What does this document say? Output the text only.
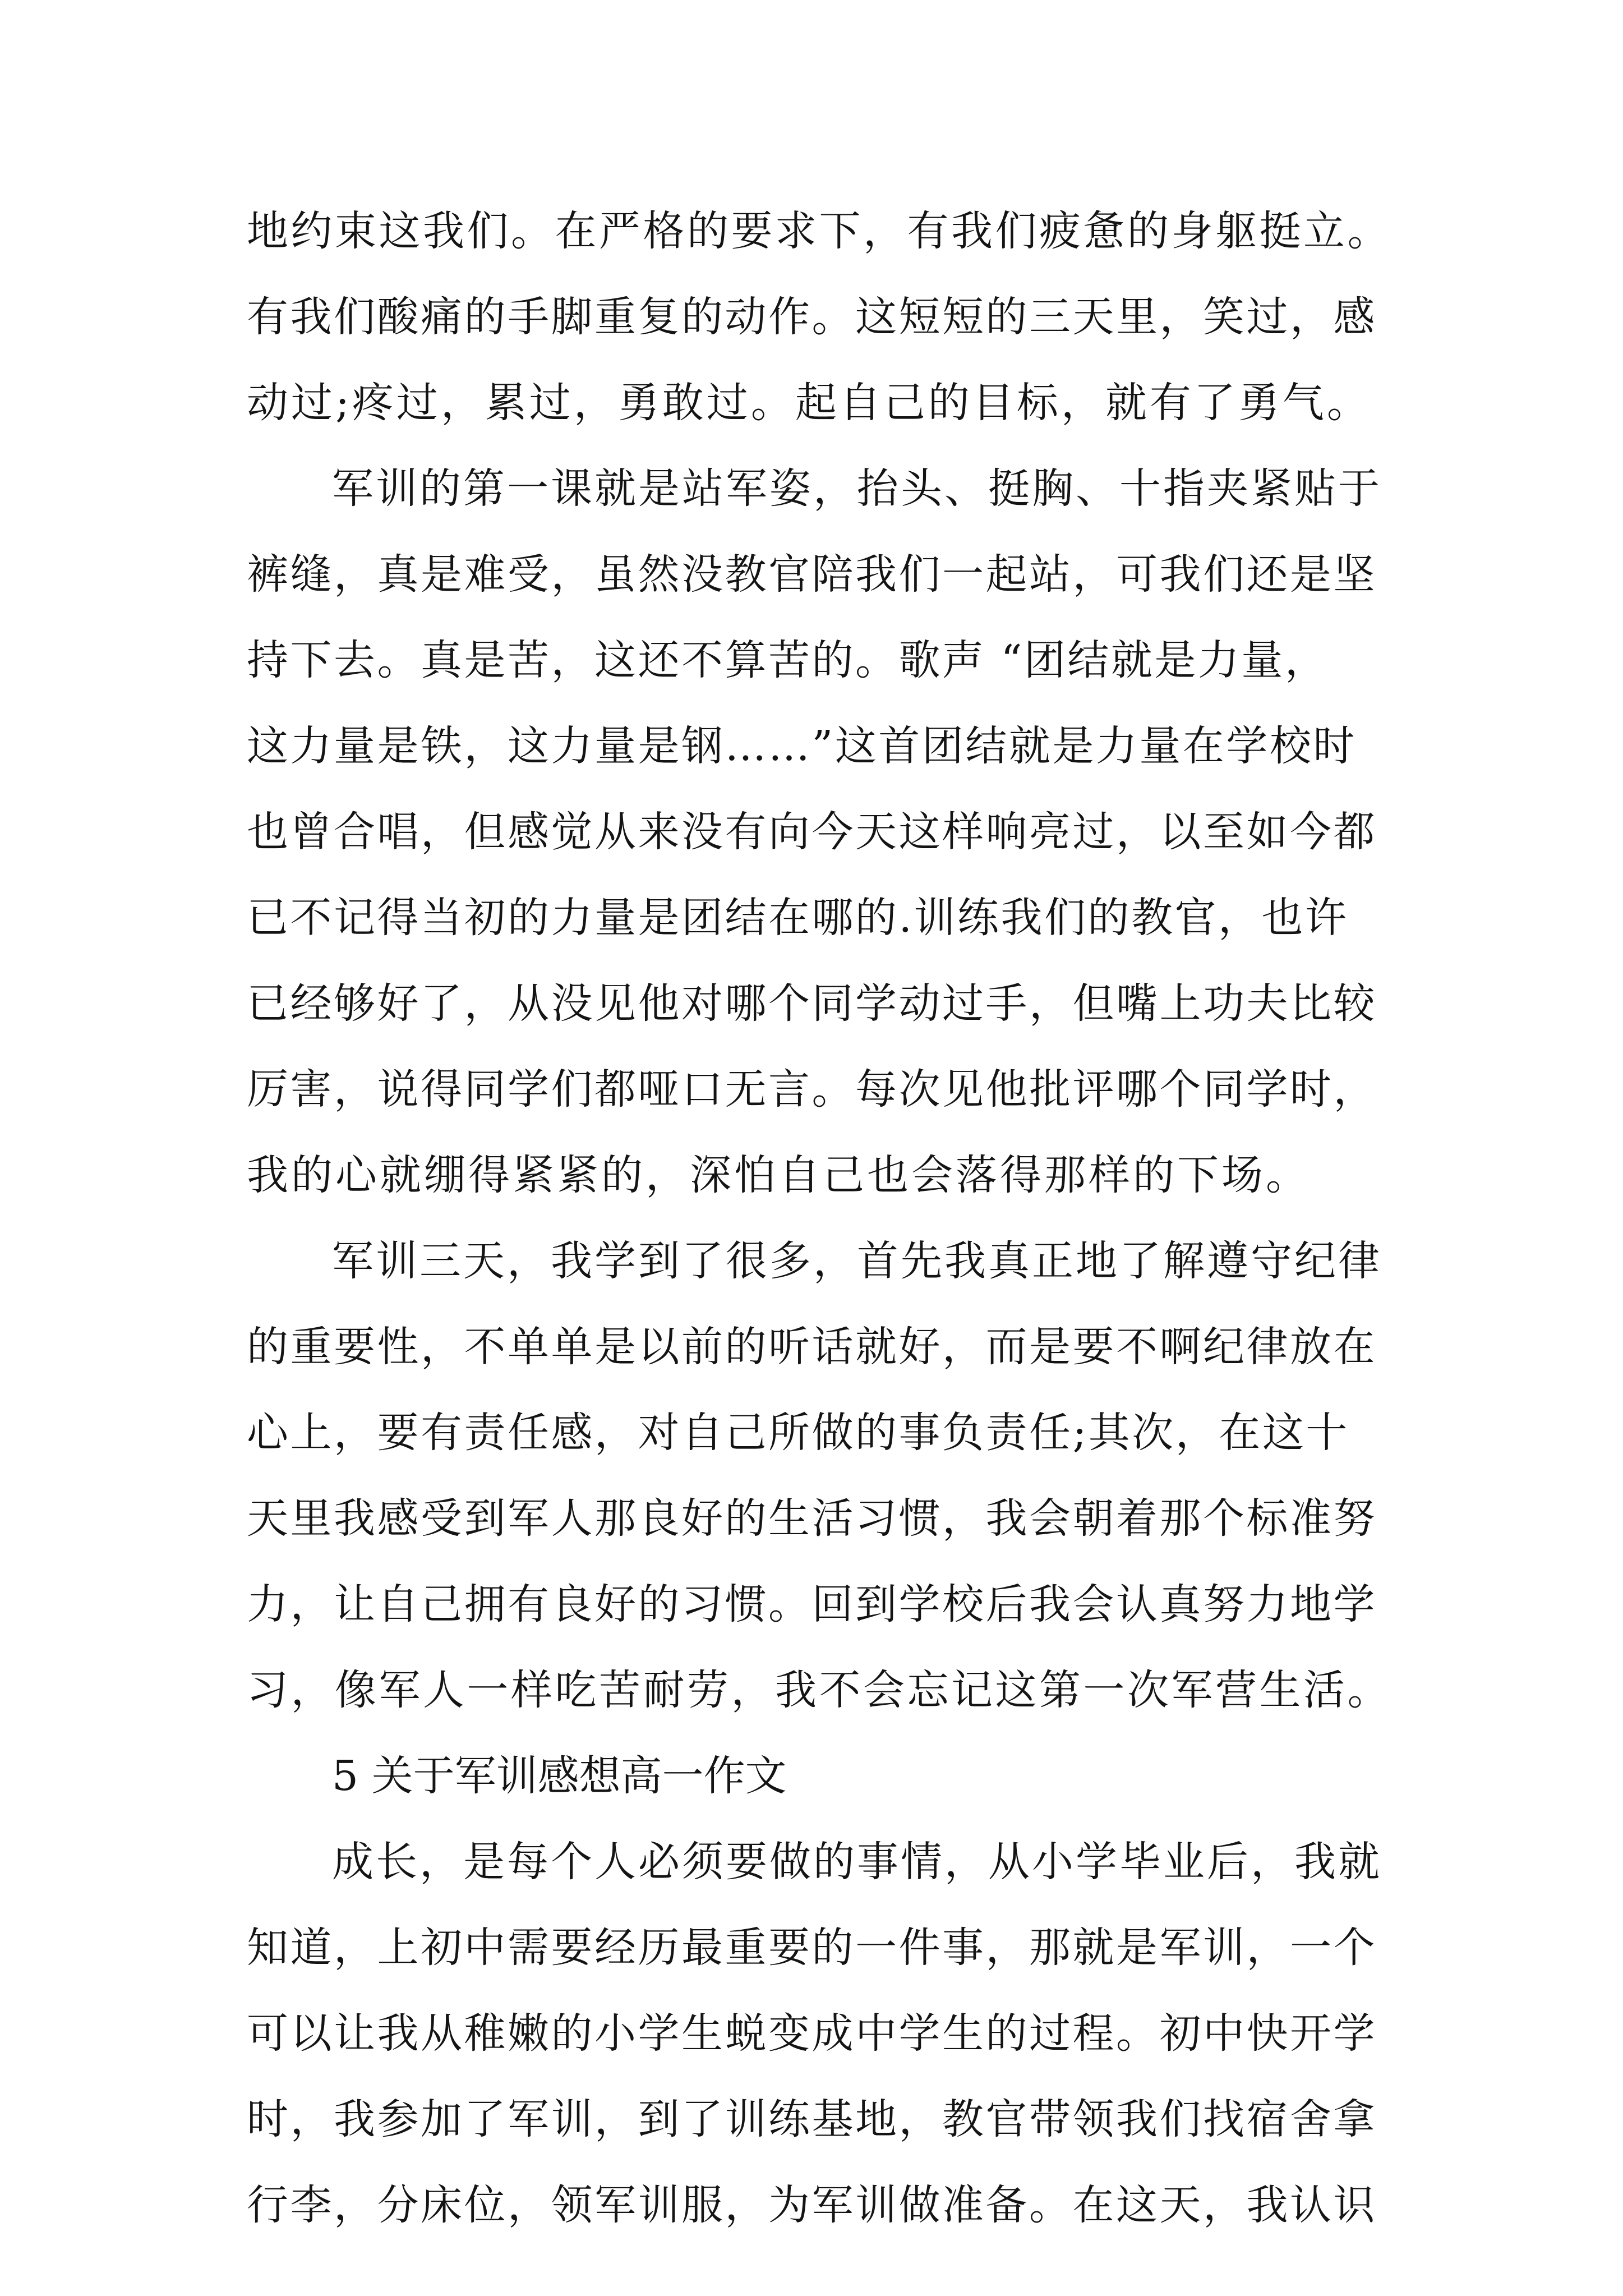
地约束这我们。在严格的要求下，有我们疲惫的身躯挺立。
有我们酸痛的手脚重复的动作。这短短的三天里，笑过，感
动过;疼过，累过，勇敢过。起自己的目标，就有了勇气。
军训的第一课就是站军姿，抬头、挺胸、十指夹紧贴于
裤缝，真是难受，虽然没教官陪我们一起站，可我们还是坚
持下去。真是苦，这还不算苦的。歌声 “团结就是力量，
这力量是铁，这力量是钢……”这首团结就是力量在学校时
也曾合唱，但感觉从来没有向今天这样响亮过，以至如今都
已不记得当初的力量是团结在哪的.训练我们的教官，也许
已经够好了，从没见他对哪个同学动过手，但嘴上功夫比较
厉害，说得同学们都哑口无言。每次见他批评哪个同学时，
我的心就绷得紧紧的，深怕自己也会落得那样的下场。
军训三天，我学到了很多，首先我真正地了解遵守纪律
的重要性，不单单是以前的听话就好，而是要不啊纪律放在
心上，要有责任感，对自己所做的事负责任;其次，在这十
天里我感受到军人那良好的生活习惯，我会朝着那个标准努
力，让自己拥有良好的习惯。回到学校后我会认真努力地学
习，像军人一样吃苦耐劳，我不会忘记这第一次军营生活。
5 关于军训感想高一作文
成长，是每个人必须要做的事情，从小学毕业后，我就
知道，上初中需要经历最重要的一件事，那就是军训，一个
可以让我从稚嫩的小学生蜕变成中学生的过程。初中快开学
时，我参加了军训，到了训练基地，教官带领我们找宿舍拿
行李，分床位，领军训服，为军训做准备。在这天，我认识
